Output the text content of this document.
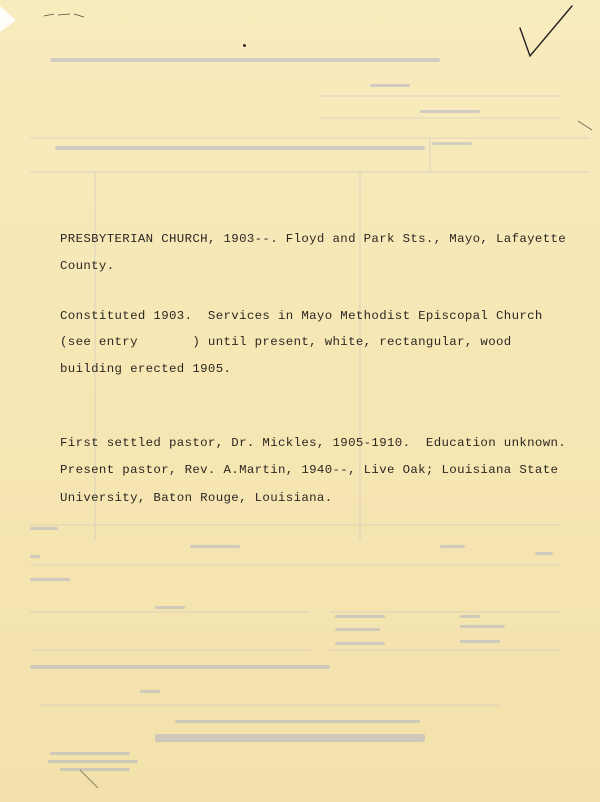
PRESBYTERIAN CHURCH, 1903--. Floyd and Park Sts., Mayo, Lafayette
County.
Constituted 1903.  Services in Mayo Methodist Episcopal Church
(see entry       ) until present, white, rectangular, wood
building erected 1905.
First settled pastor, Dr. Mickles, 1905-1910.  Education unknown.
Present pastor, Rev. A.Martin, 1940--, Live Oak; Louisiana State
University, Baton Rouge, Louisiana.
